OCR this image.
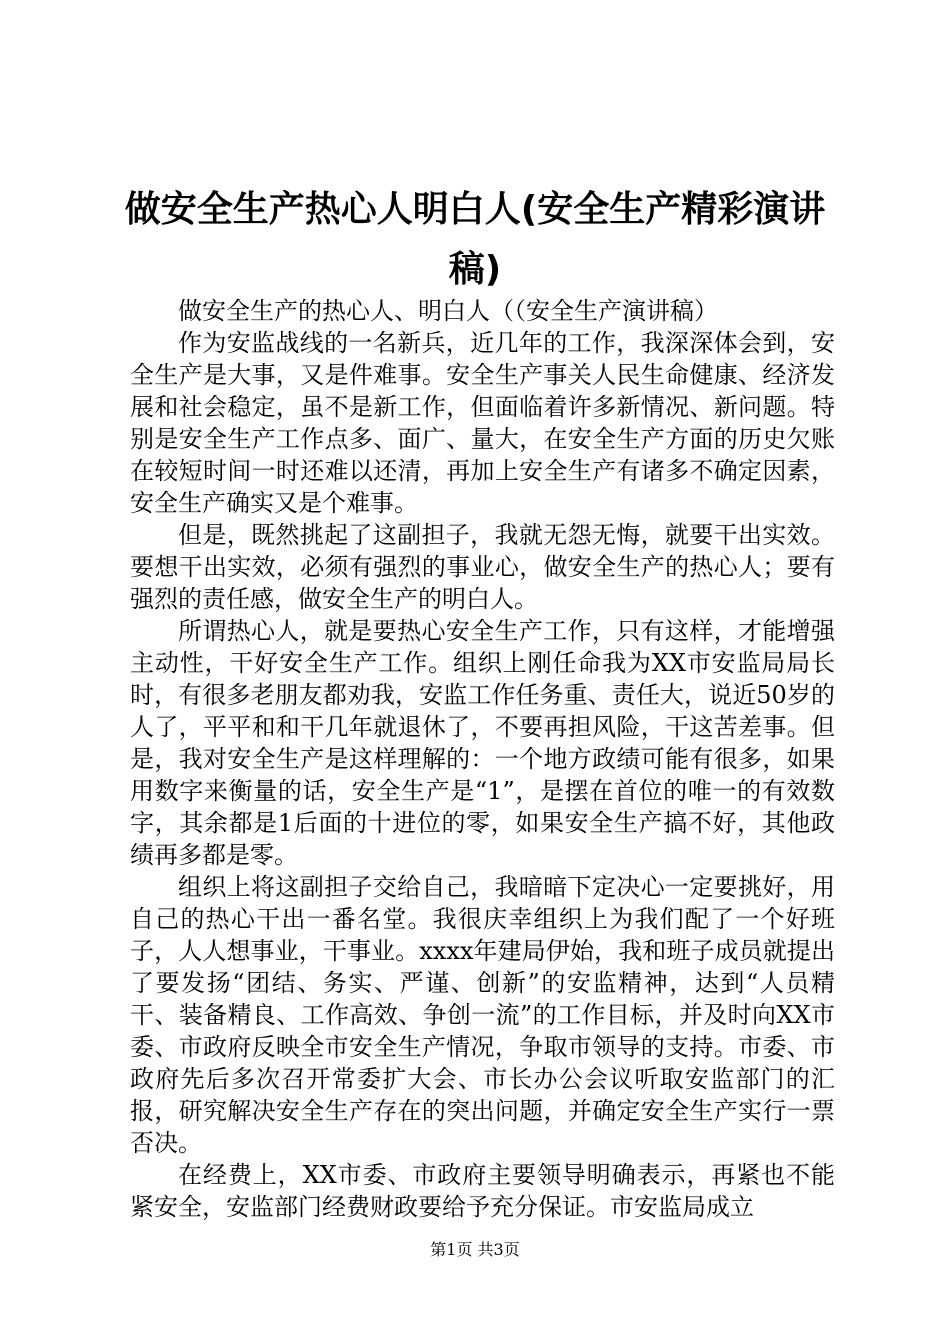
做安全生产热心人明白人(安全生产精彩演讲稿)

做安全生产的热心人、明白人（（安全生产演讲稿）

作为安监战线的一名新兵，近几年的工作，我深深体会到，安全生产是大事，又是件难事。安全生产事关人民生命健康、经济发展和社会稳定，虽不是新工作，但面临着许多新情况、新问题。特别是安全生产工作点多、面广、量大，在安全生产方面的历史欠账在较短时间一时还难以还清，再加上安全生产有诸多不确定因素，安全生产确实又是个难事。

但是，既然挑起了这副担子，我就无怨无悔，就要干出实效。要想干出实效，必须有强烈的事业心，做安全生产的热心人；要有强烈的责任感，做安全生产的明白人。

所谓热心人，就是要热心安全生产工作，只有这样，才能增强主动性，干好安全生产工作。组织上刚任命我为XX市安监局局长时，有很多老朋友都劝我，安监工作任务重、责任大，说近50岁的人了，平平和和干几年就退休了，不要再担风险，干这苦差事。但是，我对安全生产是这样理解的：一个地方政绩可能有很多，如果用数字来衡量的话，安全生产是“1”，是摆在首位的唯一的有效数字，其余都是1后面的十进位的零，如果安全生产搞不好，其他政绩再多都是零。

组织上将这副担子交给自己，我暗暗下定决心一定要挑好，用自己的热心干出一番名堂。我很庆幸组织上为我们配了一个好班子，人人想事业，干事业。xxxx年建局伊始，我和班子成员就提出了要发扬“团结、务实、严谨、创新”的安监精神，达到“人员精干、装备精良、工作高效、争创一流”的工作目标，并及时向XX市委、市政府反映全市安全生产情况，争取市领导的支持。市委、市政府先后多次召开常委扩大会、市长办公会议听取安监部门的汇报，研究解决安全生产存在的突出问题，并确定安全生产实行一票否决。

在经费上，XX市委、市政府主要领导明确表示，再紧也不能紧安全，安监部门经费财政要给予充分保证。市安监局成立

第1页 共3页
